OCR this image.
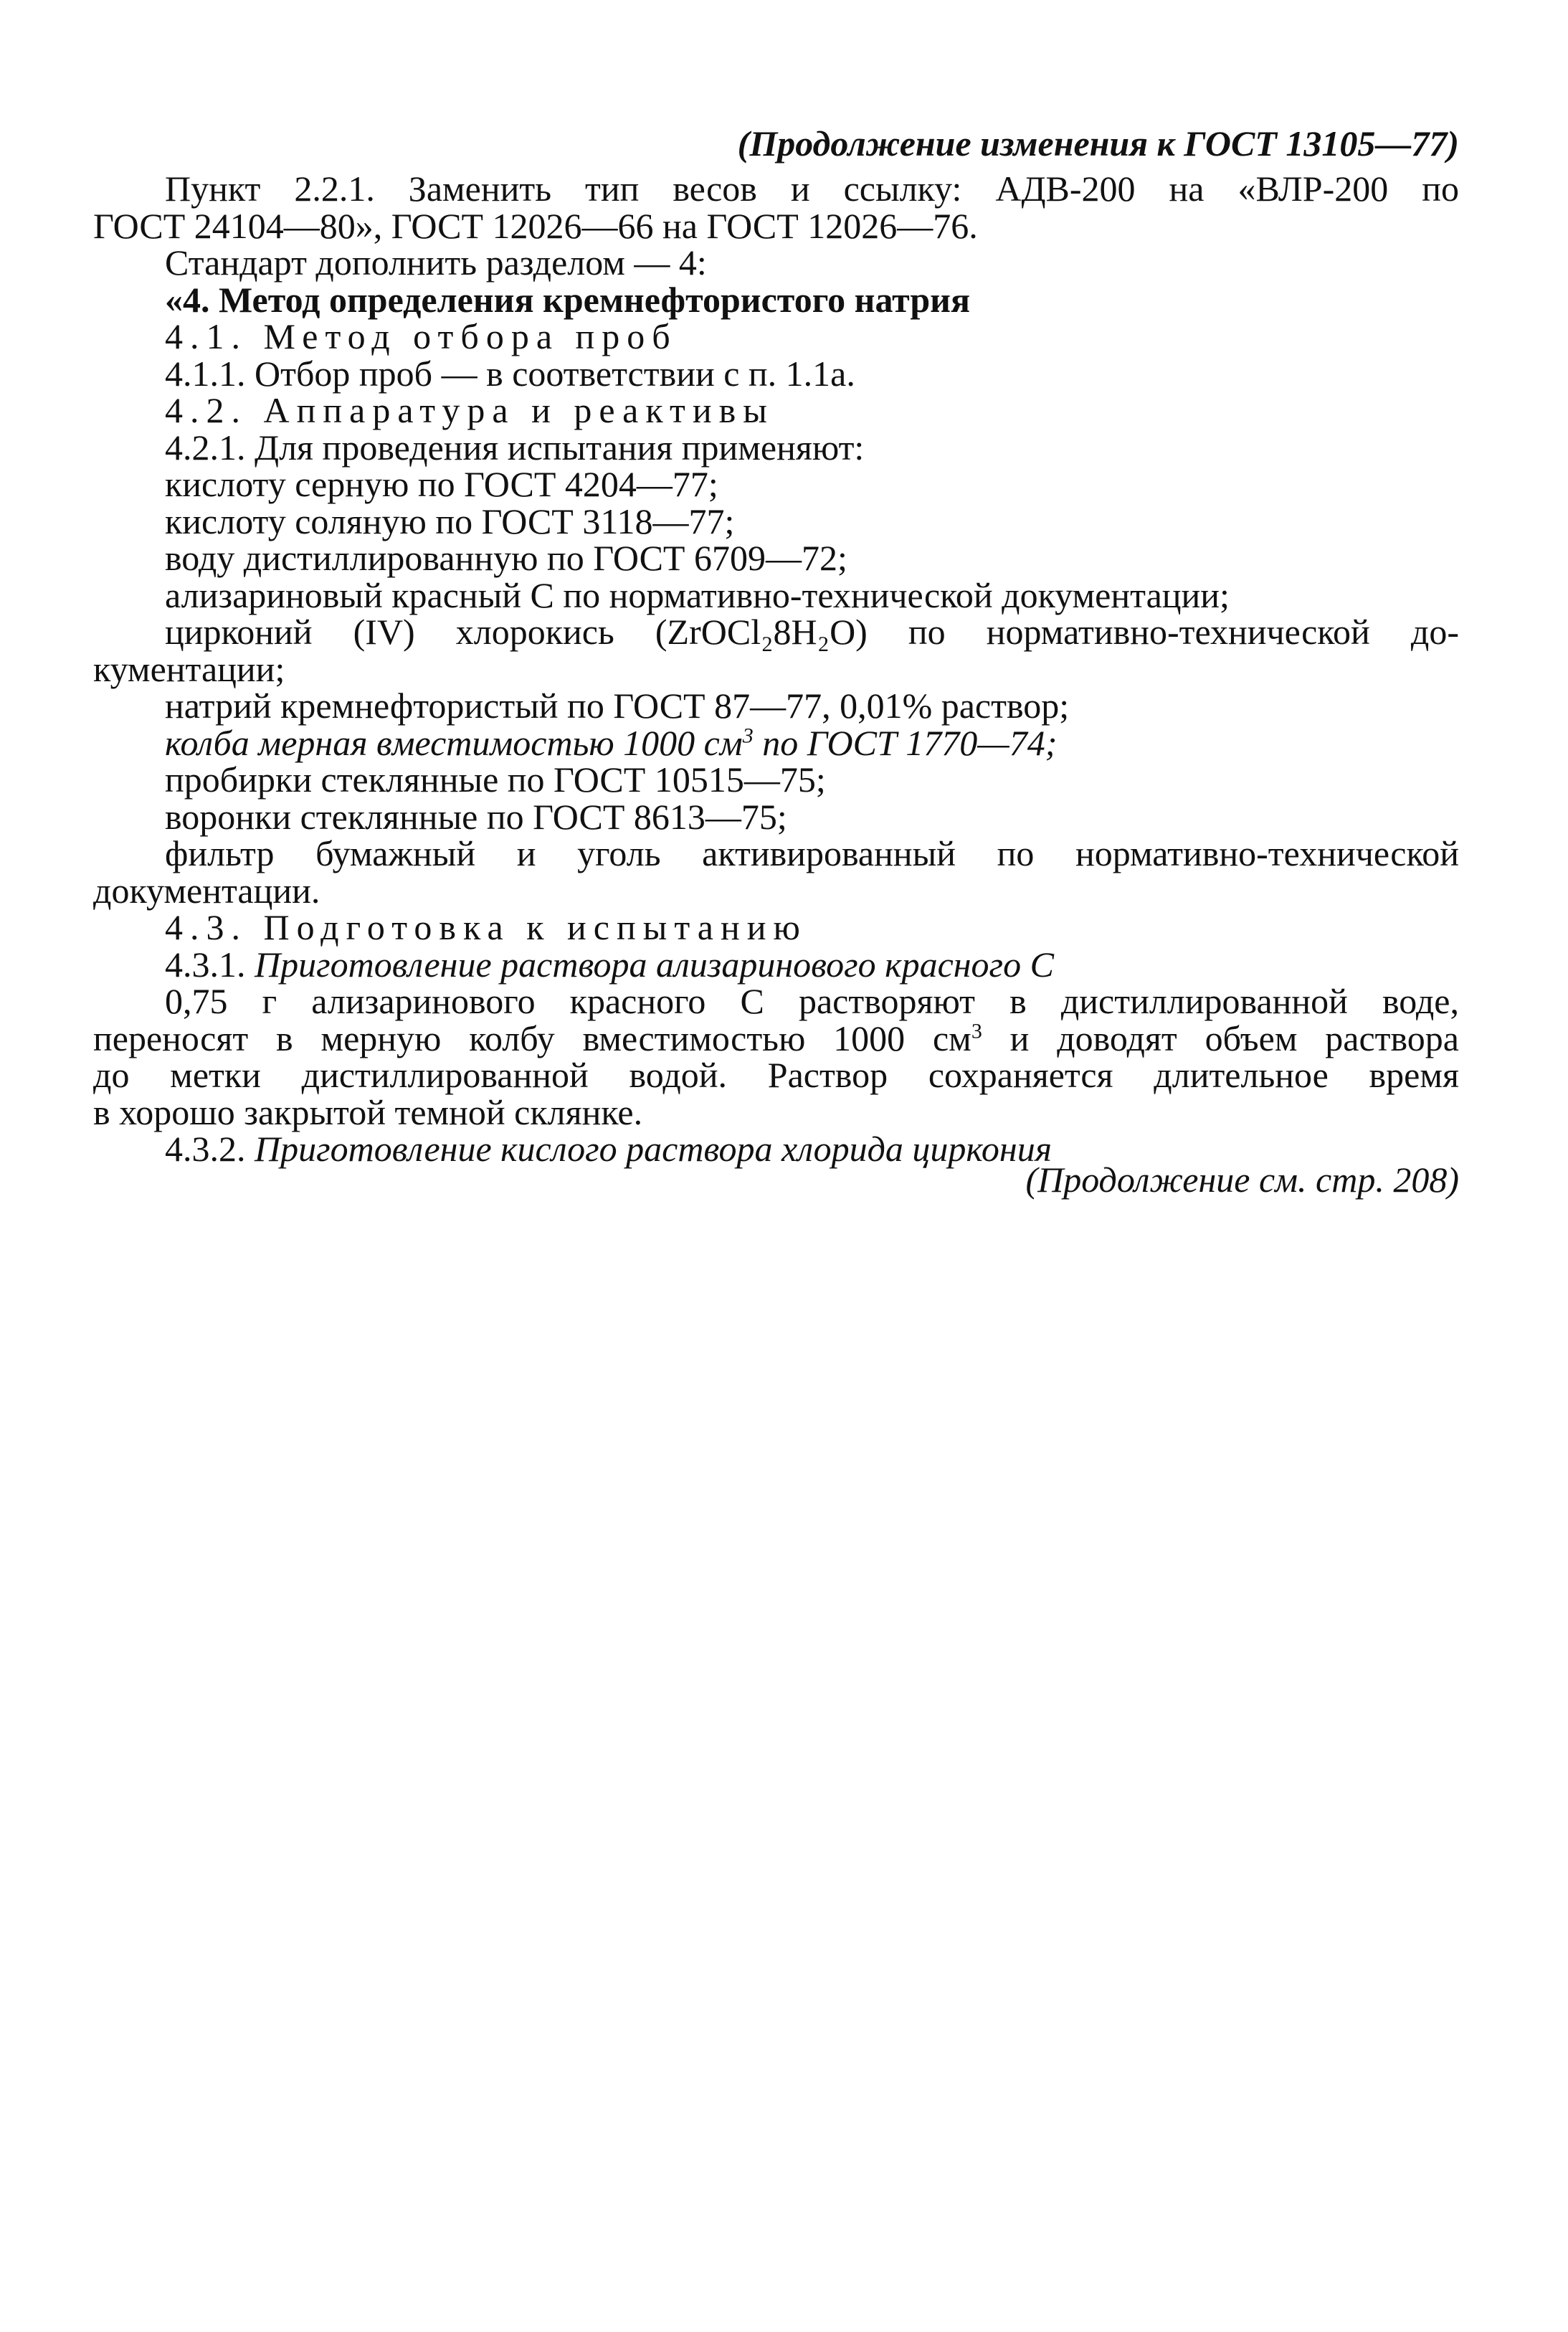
(Продолжение изменения к ГОСТ 13105—77)
Пункт 2.2.1. Заменить тип весов и ссылку: АДВ-200 на «ВЛР-200 по
ГОСТ 24104—80», ГОСТ 12026—66 на ГОСТ 12026—76.
Стандарт дополнить разделом — 4:
«4. Метод определения кремнефтористого натрия
4.1. Метод отбора проб
4.1.1. Отбор проб — в соответствии с п. 1.1а.
4.2. Аппаратура и реактивы
4.2.1. Для проведения испытания применяют:
кислоту серную по ГОСТ 4204—77;
кислоту соляную по ГОСТ 3118—77;
воду дистиллированную по ГОСТ 6709—72;
ализариновый красный С по нормативно-технической документации;
цирконий (IV) хлорокись (ZrOCl₂8H₂O) по нормативно-технической до-
кументации;
натрий кремнефтористый по ГОСТ 87—77, 0,01% раствор;
колба мерная вместимостью 1000 $см^3$ по ГОСТ 1770—74;
пробирки стеклянные по ГОСТ 10515—75;
воронки стеклянные по ГОСТ 8613—75;
фильтр бумажный и уголь активированный по нормативно-технической
документации.
4.3. Подготовка к испытанию
4.3.1. Приготовление раствора ализаринового красного С
0,75 г ализаринового красного С растворяют в дистиллированной воде,
переносят в мерную колбу вместимостью 1000 $см^3$ и доводят объем раствора
до метки дистиллированной водой. Раствор сохраняется длительное время
в хорошо закрытой темной склянке.
4.3.2. Приготовление кислого раствора хлорида циркония
(Продолжение см. стр. 208)
